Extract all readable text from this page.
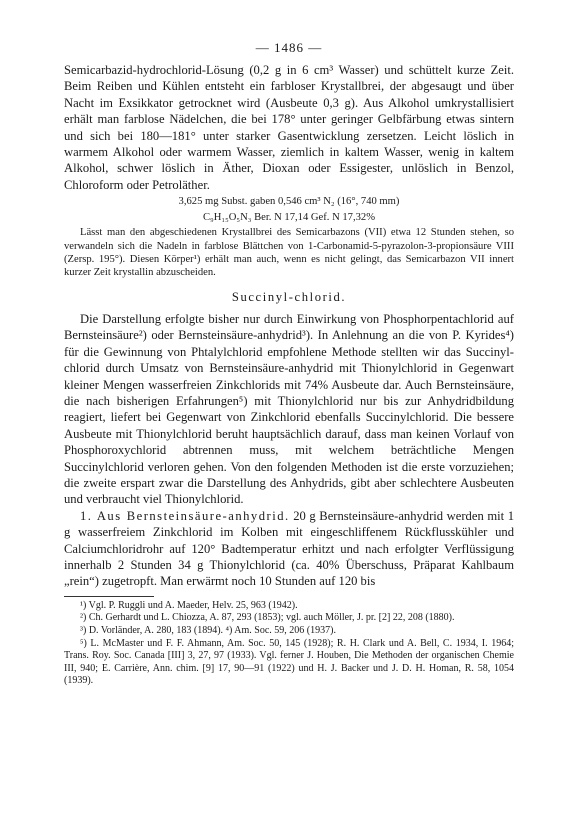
— 1486 —

Semicarbazid-hydrochlorid-Lösung (0,2 g in 6 cm³ Wasser) und schüttelt kurze Zeit. Beim Reiben und Kühlen entsteht ein farbloser Krystallbrei, der abgesaugt und über Nacht im Exsikkator getrocknet wird (Ausbeute 0,3 g). Aus Alkohol umkrystallisiert erhält man farblose Nädelchen, die bei 178° unter geringer Gelbfärbung etwas sintern und sich bei 180—181° unter starker Gasentwicklung zersetzen. Leicht löslich in warmem Alkohol oder warmem Wasser, ziemlich in kaltem Wasser, wenig in kaltem Alkohol, schwer löslich in Äther, Dioxan oder Essigester, unlöslich in Benzol, Chloroform oder Petroläther.

3,625 mg Subst. gaben 0,546 cm³ N₂ (16°, 740 mm)

C₉H₁₅O₅N₃ Ber. N 17,14 Gef. N 17,32%

Lässt man den abgeschiedenen Krystallbrei des Semicarbazons (VII) etwa 12 Stunden stehen, so verwandeln sich die Nadeln in farblose Blättchen von 1-Carbonamid-5-pyrazolon-3-propionsäure VIII (Zersp. 195°). Diesen Körper¹) erhält man auch, wenn es nicht gelingt, das Semicarbazon VII innert kurzer Zeit krystallin abzuscheiden.

Succinyl-chlorid.

Die Darstellung erfolgte bisher nur durch Einwirkung von Phosphorpentachlorid auf Bernsteinsäure²) oder Bernsteinsäure-anhydrid³). In Anlehnung an die von P. Kyrides⁴) für die Gewinnung von Phtalylchlorid empfohlene Methode stellten wir das Succinyl-chlorid durch Umsatz von Bernsteinsäure-anhydrid mit Thionylchlorid in Gegenwart kleiner Mengen wasserfreien Zinkchlorids mit 74% Ausbeute dar. Auch Bernsteinsäure, die nach bisherigen Erfahrungen⁵) mit Thionylchlorid nur bis zur Anhydridbildung reagiert, liefert bei Gegenwart von Zinkchlorid ebenfalls Succinylchlorid. Die bessere Ausbeute mit Thionylchlorid beruht hauptsächlich darauf, dass man keinen Vorlauf von Phosphoroxychlorid abtrennen muss, mit welchem beträchtliche Mengen Succinylchlorid verloren gehen. Von den folgenden Methoden ist die erste vorzuziehen; die zweite erspart zwar die Darstellung des Anhydrids, gibt aber schlechtere Ausbeuten und verbraucht viel Thionylchlorid.

1. Aus Bernsteinsäure-anhydrid. 20 g Bernsteinsäure-anhydrid werden mit 1 g wasserfreiem Zinkchlorid im Kolben mit eingeschliffenem Rückflusskühler und Calciumchloridrohr auf 120° Badtemperatur erhitzt und nach erfolgter Verflüssigung innerhalb 2 Stunden 34 g Thionylchlorid (ca. 40% Überschuss, Präparat Kahlbaum „rein“) zugetropft. Man erwärmt noch 10 Stunden auf 120 bis

¹) Vgl. P. Ruggli und A. Maeder, Helv. 25, 963 (1942).

²) Ch. Gerhardt und L. Chiozza, A. 87, 293 (1853); vgl. auch Möller, J. pr. [2] 22, 208 (1880).

³) D. Vorländer, A. 280, 183 (1894). ⁴) Am. Soc. 59, 206 (1937).

⁵) L. McMaster und F. F. Ahmann, Am. Soc. 50, 145 (1928); R. H. Clark und A. Bell, C. 1934, I. 1964; Trans. Roy. Soc. Canada [III] 3, 27, 97 (1933). Vgl. ferner J. Houben, Die Methoden der organischen Chemie III, 940; E. Carrière, Ann. chim. [9] 17, 90—91 (1922) und H. J. Backer und J. D. H. Homan, R. 58, 1054 (1939).
